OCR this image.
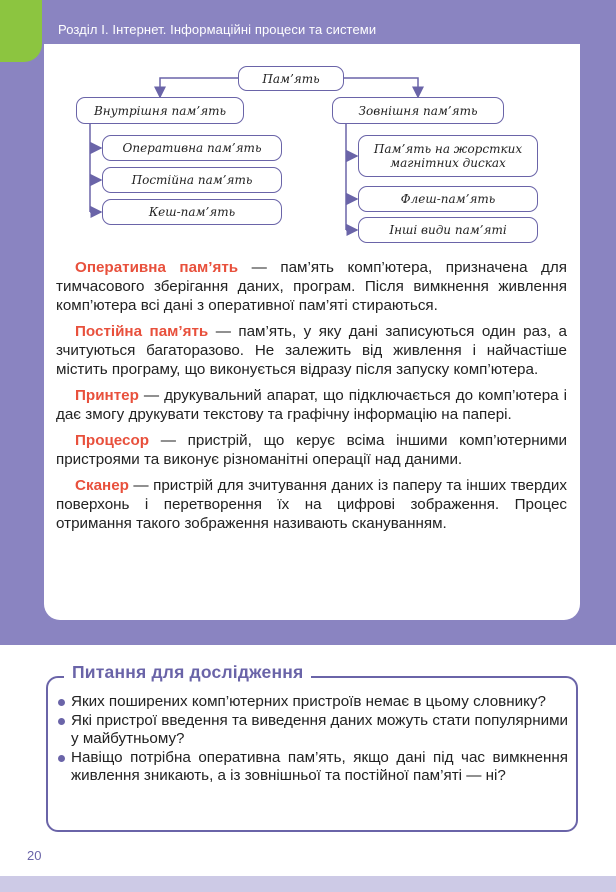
Розділ І. Інтернет. Інформаційні процеси та системи
Пам’ять
Внутрішня пам’ять
Оперативна пам’ять
Постійна пам’ять
Кеш-пам’ять
Зовнішня пам’ять
Пам’ять на жорстких магнітних дисках
Флеш-пам’ять
Інші види пам’яті

Оперативна пам’ять — пам’ять комп’ютера, призначена для тимчасового зберігання даних, програм. Після вимкнення живлення комп’ютера всі дані з оперативної пам’яті стираються.

Постійна пам’ять — пам’ять, у яку дані записуються один раз, а зчитуються багаторазово. Не залежить від живлення і найчастіше містить програму, що виконується відразу після запуску комп’ютера.

Принтер — друкувальний апарат, що підключається до комп’ютера і дає змогу друкувати текстову та графічну інформацію на папері.

Процесор — пристрій, що керує всіма іншими комп’ютерними пристроями та виконує різноманітні операції над даними.

Сканер — пристрій для зчитування даних із паперу та інших твердих поверхонь і перетворення їх на цифрові зображення. Процес отримання такого зображення називають скануванням.

Питання для дослідження
Яких поширених комп’ютерних пристроїв немає в цьому словнику?
Які пристрої введення та виведення даних можуть стати популярними у майбутньому?
Навіщо потрібна оперативна пам’ять, якщо дані під час вимкнення живлення зникають, а із зовнішньої та постійної пам’яті — ні?
20
